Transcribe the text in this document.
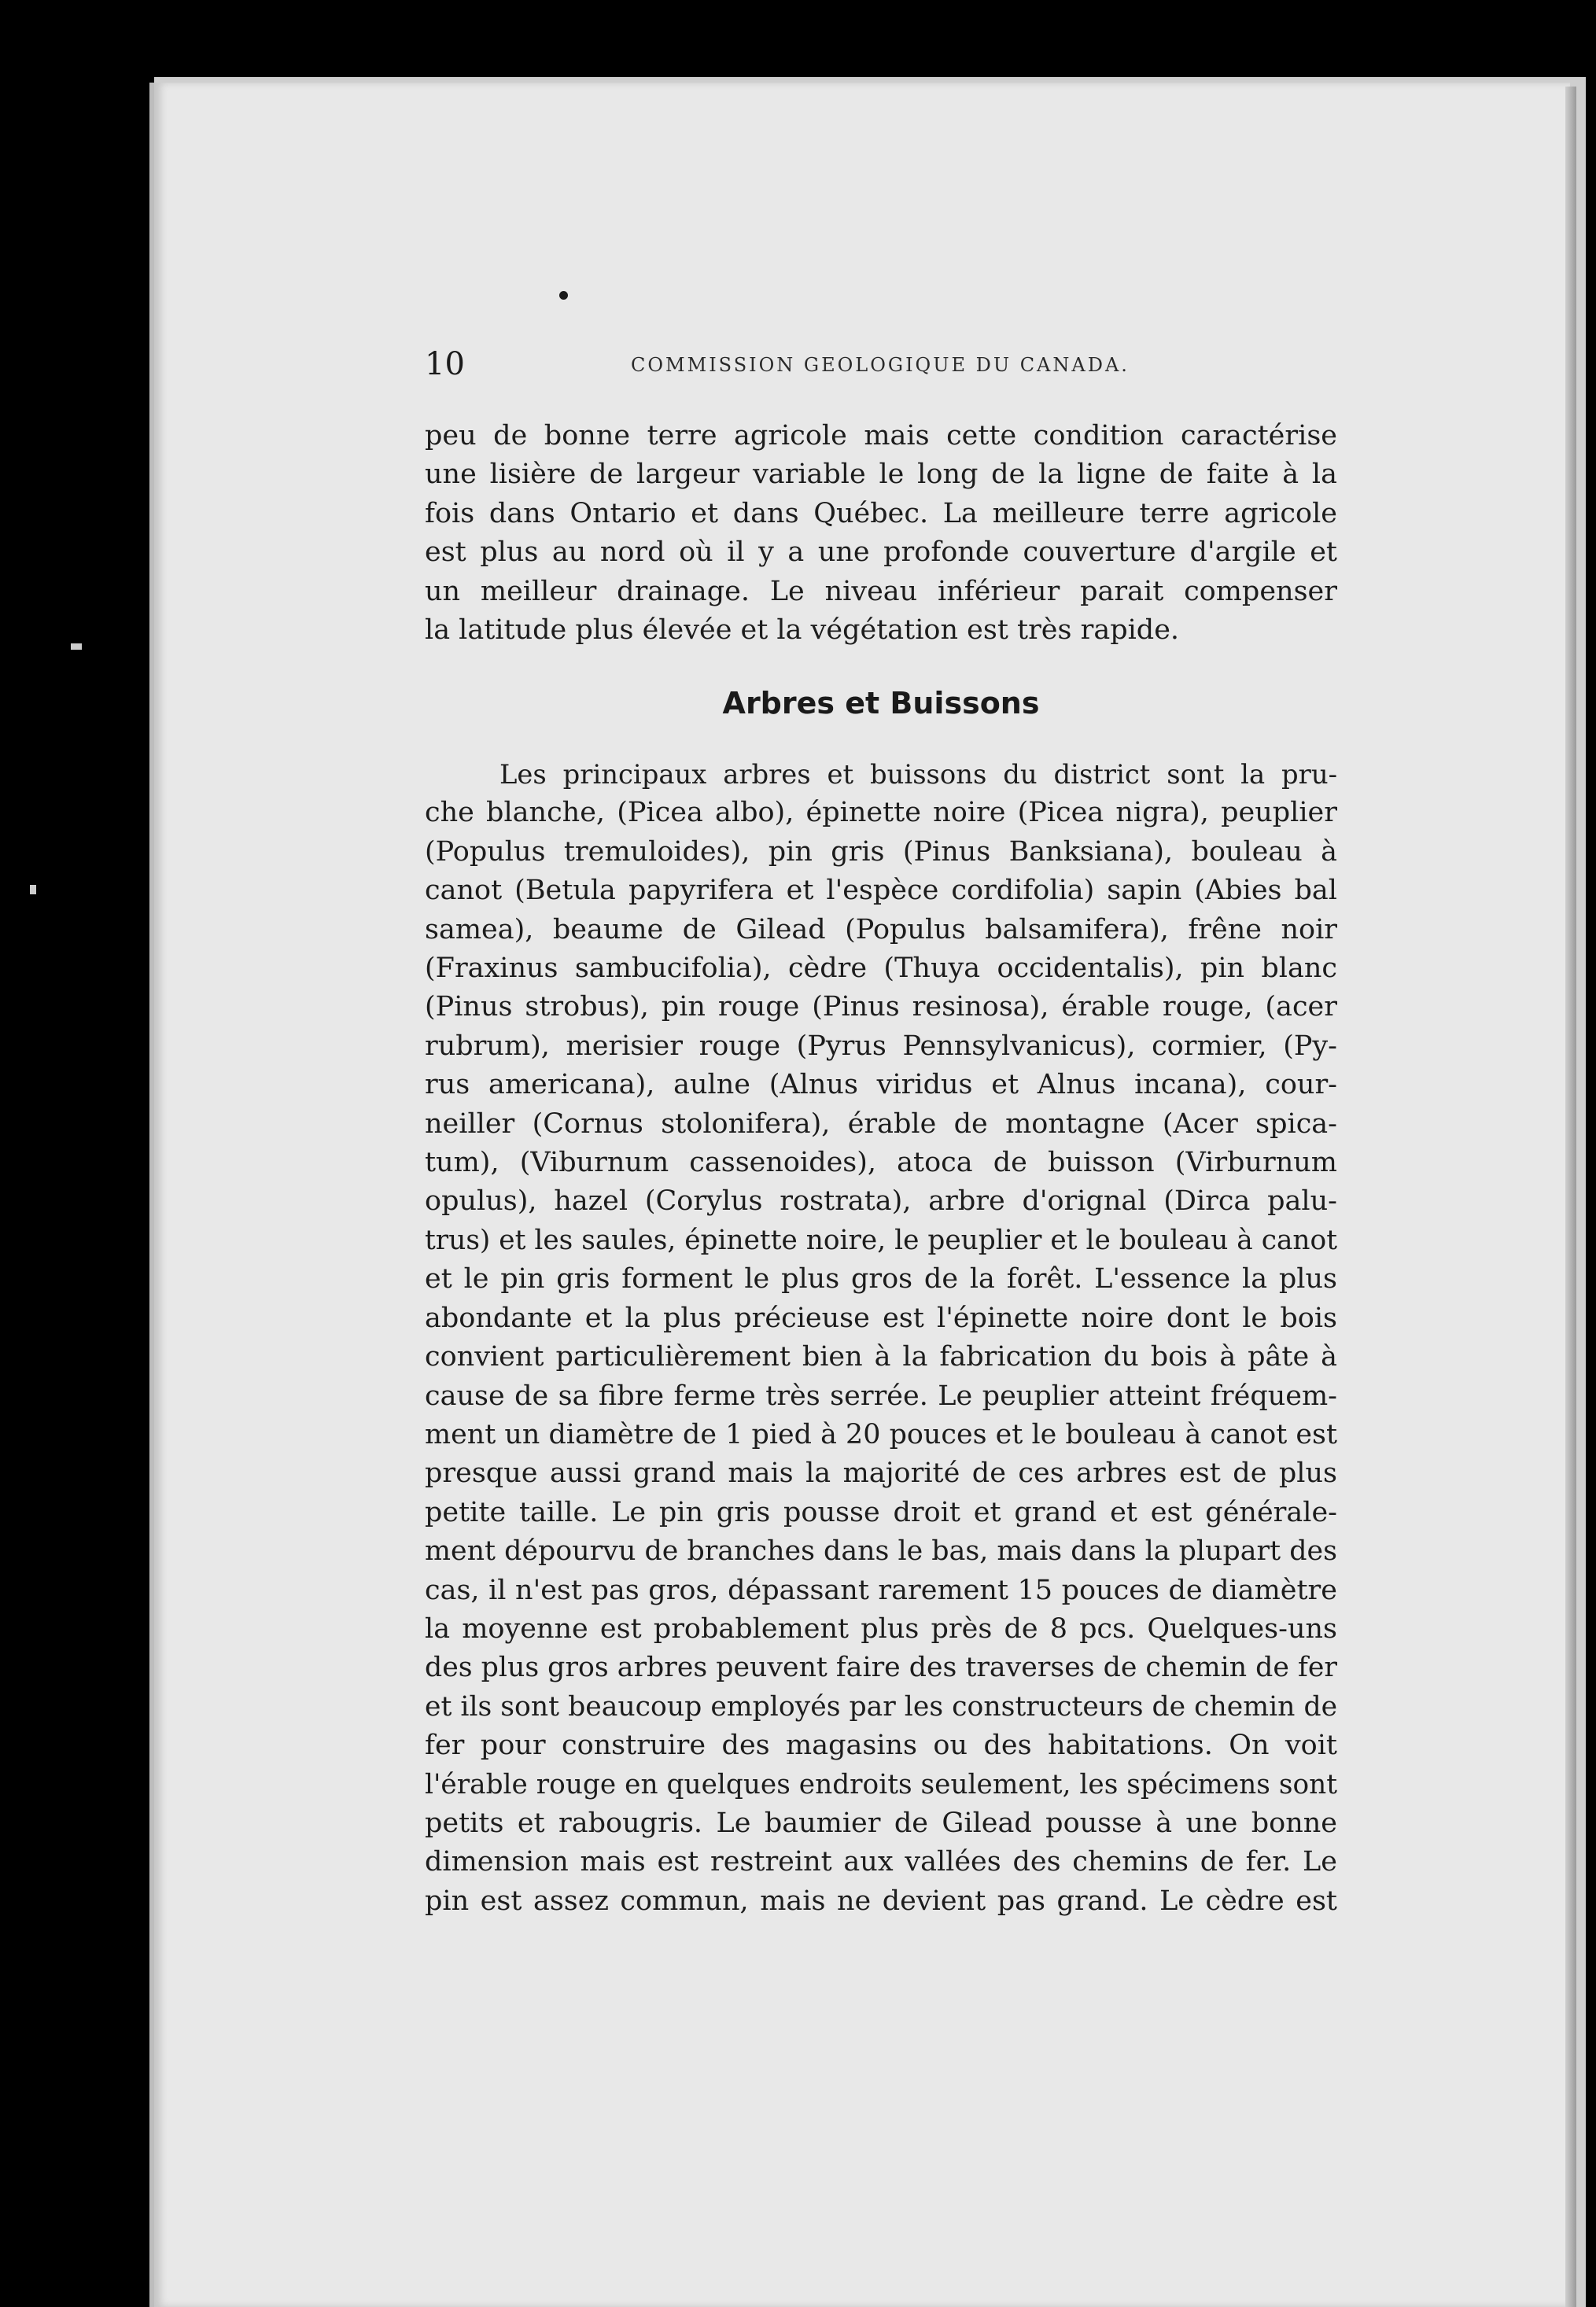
10	COMMISSION GEOLOGIQUE DU CANADA.
peu de bonne terre agricole mais cette condition caractérise
une lisière de largeur variable le long de la ligne de faite à la
fois dans Ontario et dans Québec. La meilleure terre agricole
est plus au nord où il y a une profonde couverture d'argile et
un meilleur drainage. Le niveau inférieur parait compenser
la latitude plus élevée et la végétation est très rapide.
Arbres et Buissons
Les principaux arbres et buissons du district sont la pru-
che blanche, (Picea albo), épinette noire (Picea nigra), peuplier
(Populus tremuloides), pin gris (Pinus Banksiana), bouleau à
canot (Betula papyrifera et l'espèce cordifolia) sapin (Abies bal
samea), beaume de Gilead (Populus balsamifera), frêne noir
(Fraxinus sambucifolia), cèdre (Thuya occidentalis), pin blanc
(Pinus strobus), pin rouge (Pinus resinosa), érable rouge, (acer
rubrum), merisier rouge (Pyrus Pennsylvanicus), cormier, (Py-
rus americana), aulne (Alnus viridus et Alnus incana), cour-
neiller (Cornus stolonifera), érable de montagne (Acer spica-
tum), (Viburnum cassenoides), atoca de buisson (Virburnum
opulus), hazel (Corylus rostrata), arbre d'orignal (Dirca palu-
trus) et les saules, épinette noire, le peuplier et le bouleau à canot
et le pin gris forment le plus gros de la forêt. L'essence la plus
abondante et la plus précieuse est l'épinette noire dont le bois
convient particulièrement bien à la fabrication du bois à pâte à
cause de sa fibre ferme très serrée. Le peuplier atteint fréquem-
ment un diamètre de 1 pied à 20 pouces et le bouleau à canot est
presque aussi grand mais la majorité de ces arbres est de plus
petite taille. Le pin gris pousse droit et grand et est générale-
ment dépourvu de branches dans le bas, mais dans la plupart des
cas, il n'est pas gros, dépassant rarement 15 pouces de diamètre
la moyenne est probablement plus près de 8 pcs. Quelques-uns
des plus gros arbres peuvent faire des traverses de chemin de fer
et ils sont beaucoup employés par les constructeurs de chemin de
fer pour construire des magasins ou des habitations. On voit
l'érable rouge en quelques endroits seulement, les spécimens sont
petits et rabougris. Le baumier de Gilead pousse à une bonne
dimension mais est restreint aux vallées des chemins de fer. Le
pin est assez commun, mais ne devient pas grand. Le cèdre est
